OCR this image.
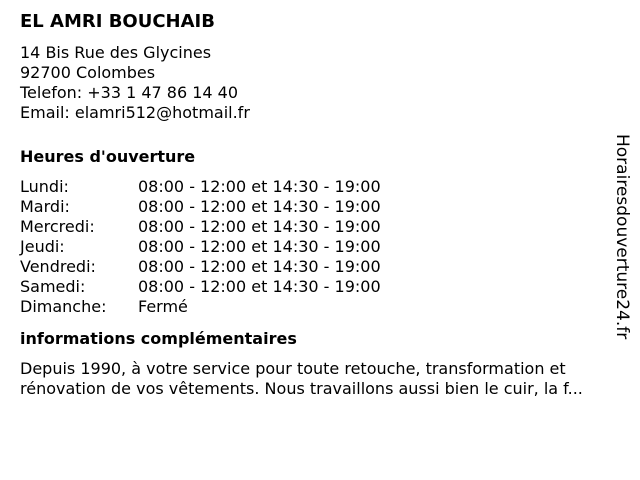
EL AMRI BOUCHAIB
14 Bis Rue des Glycines
92700 Colombes
Telefon: +33 1 47 86 14 40
Email: elamri512@hotmail.fr
Heures d'ouverture
Lundi:	08:00 - 12:00 et 14:30 - 19:00
Mardi:	08:00 - 12:00 et 14:30 - 19:00
Mercredi:	08:00 - 12:00 et 14:30 - 19:00
Jeudi:	08:00 - 12:00 et 14:30 - 19:00
Vendredi:	08:00 - 12:00 et 14:30 - 19:00
Samedi:	08:00 - 12:00 et 14:30 - 19:00
Dimanche:	Fermé
informations complémentaires
Depuis 1990, à votre service pour toute retouche, transformation et
rénovation de vos vêtements. Nous travaillons aussi bien le cuir, la f...
Horairesdouverture24.fr
